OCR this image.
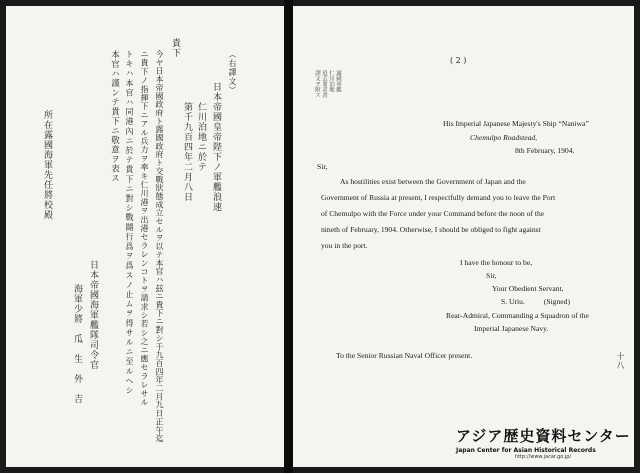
（右譯文）
日本帝國皇帝陛下ノ軍艦浪速
仁川泊地ニ於テ
第千九百四年二月八日
貴下
今ヤ日本帝國政府ト露國政府ト交戰狀態成立セルヲ以テ本官ハ玆ニ貴下ニ對シ千九百四年二月九日正午迄
ニ貴下ノ指揮下ニアル兵力ヲ率キ仁川港ヲ出港セラレンコトヲ請求シ若シ之ニ應セラレサル
トキハ本官ハ同港內ニ於テ貴下ニ對シ戰鬪行爲ヲ爲スノ止ムヲ得サルニ至ルヘシ
本官ハ謹ンテ貴下ニ敬意ヲ表ス
日本帝國海軍艦隊司令官
海軍少將　瓜　生　外　吉
所在露國海軍先任將校殿
露國軍艦
仁川泊地
退去要求書
譯文ヲ附ス
( 2 )
His Imperial Japanese Majesty's Ship “Naniwa”
Chemulpo Roadstead,
8th February, 1904.
Sir,
As hostilities exist between the Government of Japan and the
Government of Russia at present, I respectfully demand you to leave the Port
of Chemulpo with the Force under your Command before the noon of the
nineth of February, 1904. Otherwise, I should be obliged to fight against
you in the port.
I have the honour to be,
Sir,
Your Obedient Servant,
S. Uriu.          (Signed)
Rear-Admiral, Commanding a Squadron of the
Imperial Japanese Navy.
To the Senior Russian Naval Officer present.	十八
アジア歴史資料センター
Japan Center for Asian Historical Records
http://www.jacar.go.jp/
